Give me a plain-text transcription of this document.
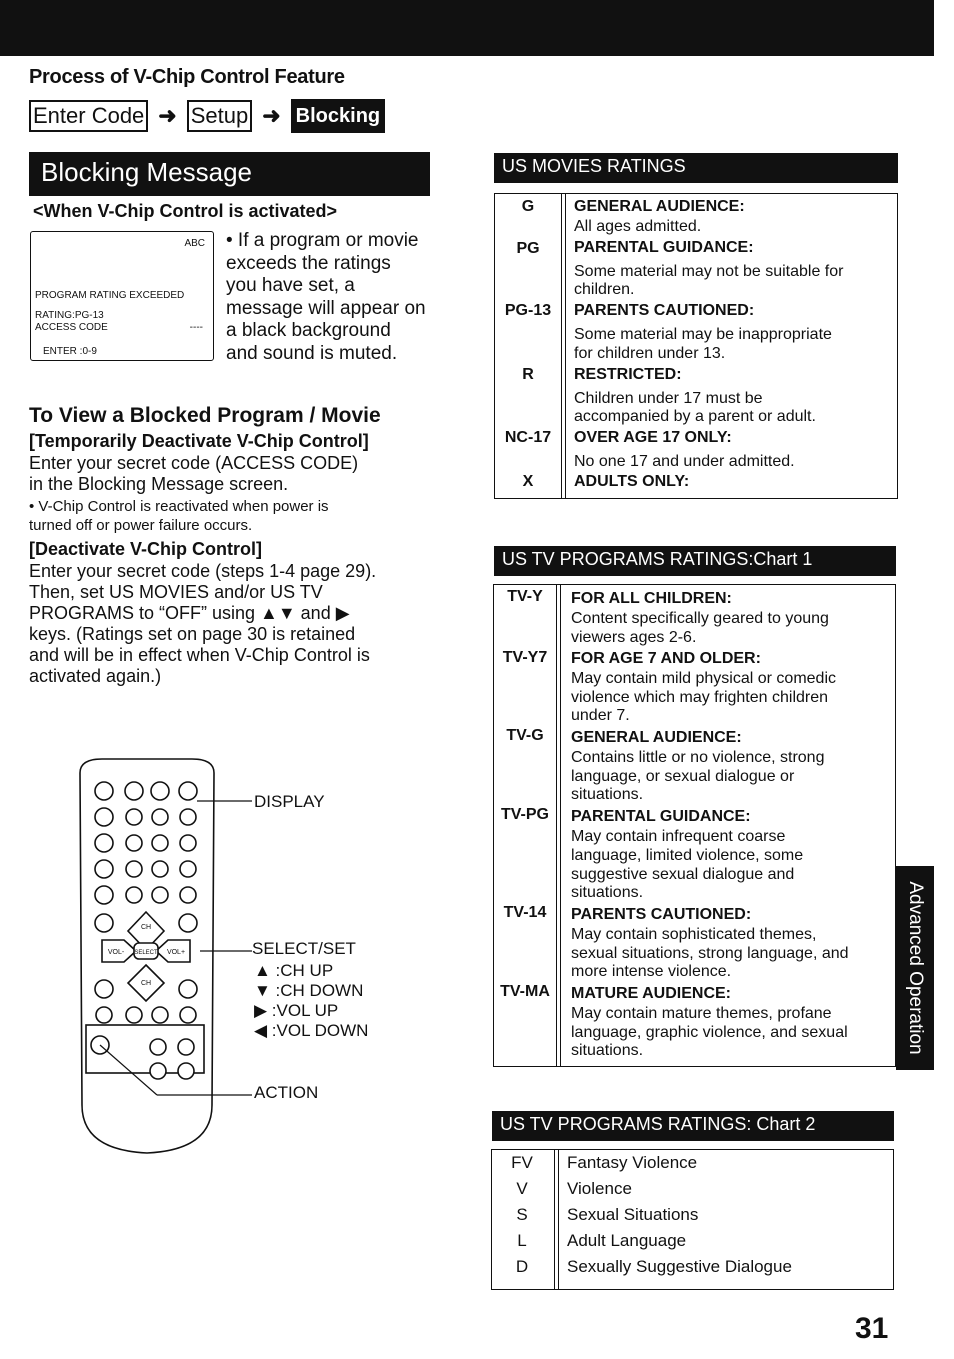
Process of V-Chip Control Feature
Enter Code ➜ Setup ➜ Blocking
Blocking Message
<When V-Chip Control is activated>
ABC
PROGRAM RATING EXCEEDED
RATING:PG-13
ACCESS CODE	----
ENTER :0-9
• If a program or movie exceeds the ratings you have set, a message will appear on a black background and sound is muted.
To View a Blocked Program / Movie
[Temporarily Deactivate V-Chip Control]
Enter your secret code (ACCESS CODE)
in the Blocking Message screen.
• V-Chip Control is reactivated when power is
turned off or power failure occurs.
[Deactivate V-Chip Control]
Enter your secret code (steps 1-4 page 29).
Then, set US MOVIES and/or US TV
PROGRAMS to “OFF” using ▲▼ and ▶
keys. (Ratings set on page 30 is retained
and will be in effect when V-Chip Control is
activated again.)
CH
CH
VOL-	VOL+
SELECT
DISPLAY
SELECT/SET
▲ :CH UP
▼ :CH DOWN
▶ :VOL UP
◀ :VOL DOWN
ACTION
US MOVIES RATINGS
G	GENERAL AUDIENCE:
All ages admitted.
PG	PARENTAL GUIDANCE:
Some material may not be suitable for
children.
PG-13	PARENTS CAUTIONED:
Some material may be inappropriate
for children under 13.
R	RESTRICTED:
Children under 17 must be
accompanied by a parent or adult.
NC-17	OVER AGE 17 ONLY:
No one 17 and under admitted.
X	ADULTS ONLY:
US TV PROGRAMS RATINGS:Chart 1
TV-Y	FOR ALL CHILDREN:
Content specifically geared to young
viewers ages 2-6.
TV-Y7	FOR AGE 7 AND OLDER:
May contain mild physical or comedic
violence which may frighten children
under 7.
TV-G	GENERAL AUDIENCE:
Contains little or no violence, strong
language, or sexual dialogue or
situations.
TV-PG	PARENTAL GUIDANCE:
May contain infrequent coarse
language, limited violence, some
suggestive sexual dialogue and
situations.
TV-14	PARENTS CAUTIONED:
May contain sophisticated themes,
sexual situations, strong language, and
more intense violence.
TV-MA	MATURE AUDIENCE:
May contain mature themes, profane
language, graphic violence, and sexual
situations.	Advanced Operation
US TV PROGRAMS RATINGS: Chart 2
FV	Fantasy Violence
V	Violence
S	Sexual Situations
L	Adult Language
D	Sexually Suggestive Dialogue
31
